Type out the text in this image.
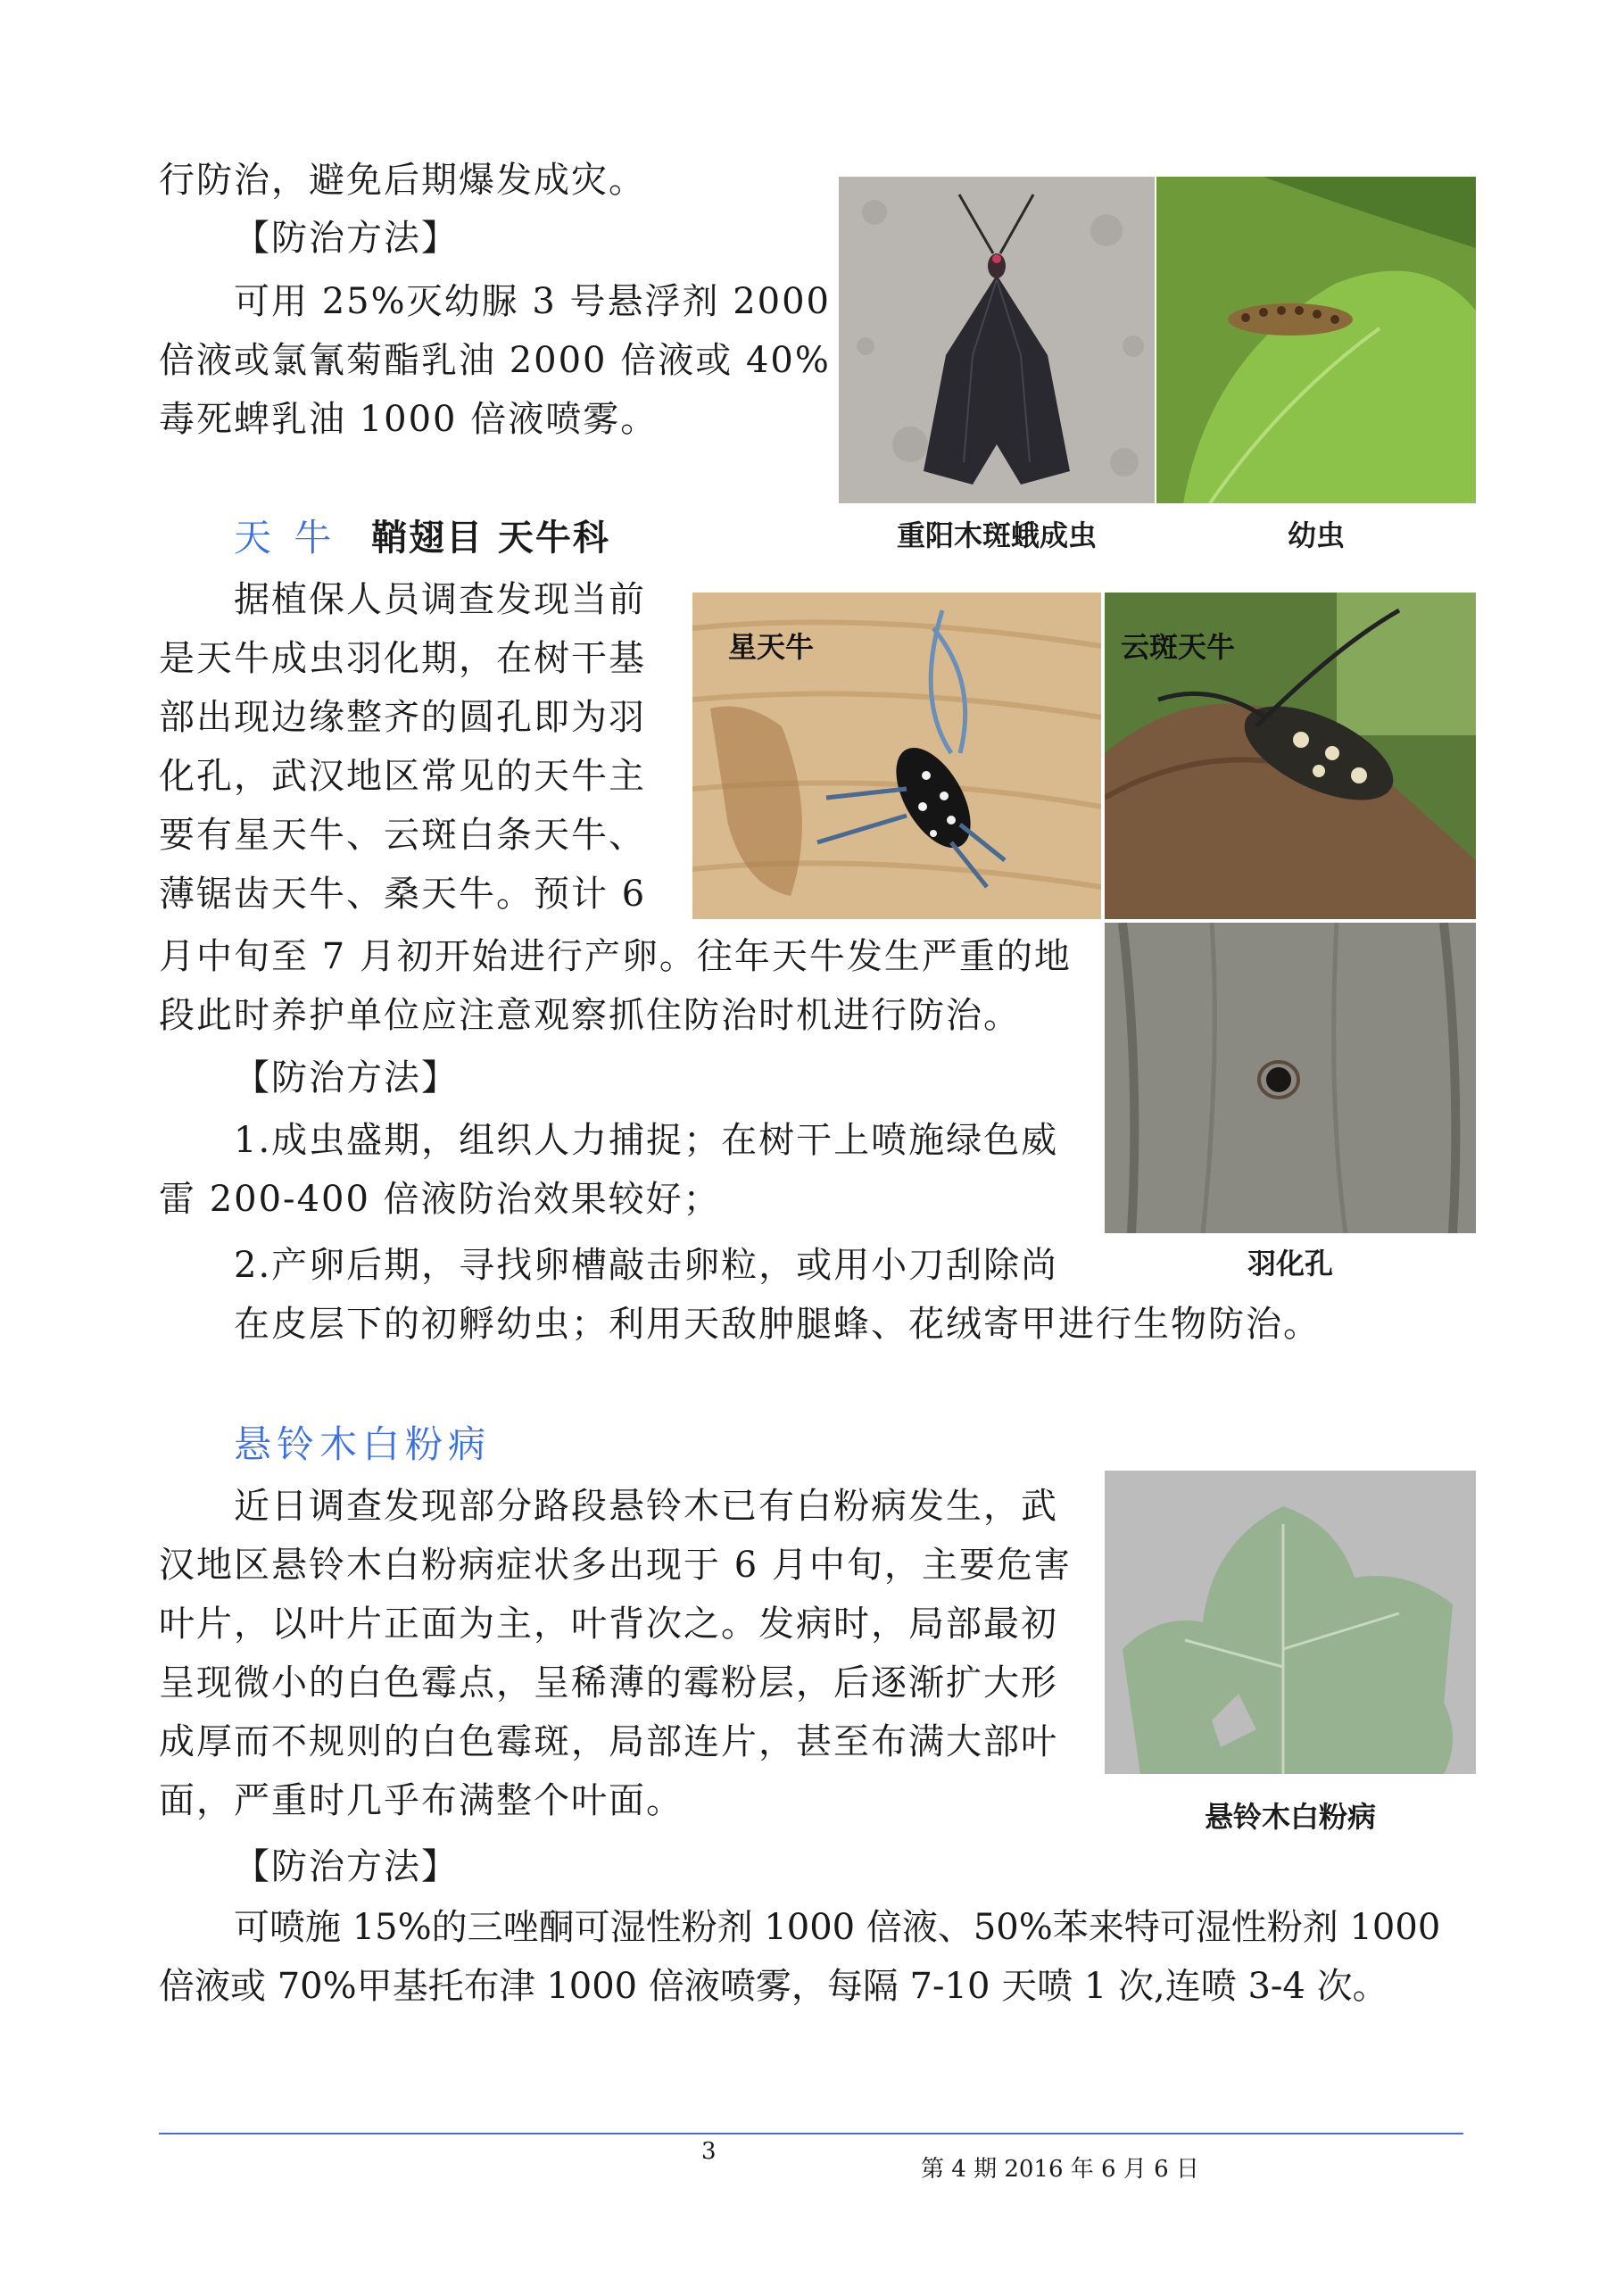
行防治，避免后期爆发成灾。
【防治方法】
可用 25%灭幼脲 3 号悬浮剂 2000
倍液或氯氰菊酯乳油 2000 倍液或 40%
毒死蜱乳油 1000 倍液喷雾。
重阳木斑蛾成虫	幼虫
天 牛 鞘翅目 天牛科
据植保人员调查发现当前
是天牛成虫羽化期，在树干基
部出现边缘整齐的圆孔即为羽
化孔，武汉地区常见的天牛主
要有星天牛、云斑白条天牛、
薄锯齿天牛、桑天牛。预计 6
月中旬至 7 月初开始进行产卵。往年天牛发生严重的地
段此时养护单位应注意观察抓住防治时机进行防治。
【防治方法】
1.成虫盛期，组织人力捕捉；在树干上喷施绿色威
雷 200-400 倍液防治效果较好；
2.产卵后期，寻找卵槽敲击卵粒，或用小刀刮除尚
在皮层下的初孵幼虫；利用天敌肿腿蜂、花绒寄甲进行生物防治。
星天牛	云斑天牛
羽化孔
悬铃木白粉病
近日调查发现部分路段悬铃木已有白粉病发生，武
汉地区悬铃木白粉病症状多出现于 6 月中旬，主要危害
叶片，以叶片正面为主，叶背次之。发病时，局部最初
呈现微小的白色霉点，呈稀薄的霉粉层，后逐渐扩大形
成厚而不规则的白色霉斑，局部连片，甚至布满大部叶
面，严重时几乎布满整个叶面。
【防治方法】
可喷施 15%的三唑酮可湿性粉剂 1000 倍液、50%苯来特可湿性粉剂 1000
倍液或 70%甲基托布津 1000 倍液喷雾，每隔 7-10 天喷 1 次,连喷 3-4 次。
悬铃木白粉病
3
第 4 期 2016 年 6 月 6 日
